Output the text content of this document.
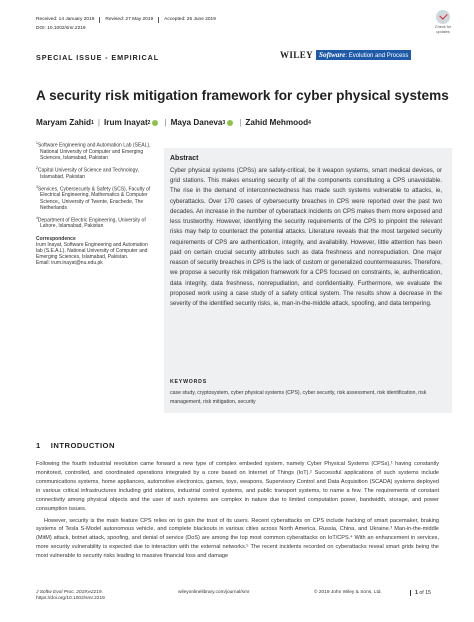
Received: 14 January 2019	Revised: 27 May 2019	Accepted: 25 June 2019
DOI: 10.1002/smr.2219	Check for updates
SPECIAL ISSUE - EMPIRICAL	WILEY Software: Evolution and Process
A security risk mitigation framework for cyber physical systems
Maryam Zahid 1 | Irum Inayat 2 | Maya Daneva 3 | Zahid Mehmood 4
$^1$Software Engineering and Automation Lab (SEAL), National University of Computer and Emerging Sciences, Islamabad, Pakistan
$^2$Capital University of Science and Technology, Islamabad, Pakistan
$^3$Services, Cybersecurity & Safety (SCS), Faculty of Electrical Engineering, Mathematics & Computer Science,, University of Twente, Enschede, The Netherlands
$^4$Department of Electric Engineering, University of Lahore, Islamabad, Pakistan
Correspondence
Irum Inayat, Software Engineering and Automation lab (S.E.A.L), National University of Computer and Emerging Sciences, Islamabad, Pakistan.
Email: irum.inayat@nu.edu.pk
Abstract
Cyber physical systems (CPSs) are safety-critical, be it weapon systems, smart medical devices, or grid stations. This makes ensuring security of all the components constituting a CPS unavoidable. The rise in the demand of interconnectedness has made such systems vulnerable to attacks, ie, cyberattacks. Over 170 cases of cybersecurity breaches in CPS were reported over the past two decades. An increase in the number of cyberattack incidents on CPS makes them more exposed and less trustworthy. However, identifying the security requirements of the CPS to pinpoint the relevant risks may help to counteract the potential attacks. Literature reveals that the most targeted security requirements of CPS are authentication, integrity, and availability. However, little attention has been paid on certain crucial security attributes such as data freshness and nonrepudiation. One major reason of security breaches in CPS is the lack of custom or generalized countermeasures. Therefore, we propose a security risk mitigation framework for a CPS focused on constraints, ie, authentication, data integrity, data freshness, nonrepudiation, and confidentiality. Furthermore, we evaluate the proposed work using a case study of a safety critical system. The results show a decrease in the severity of the identified security risks, ie, man-in-the-middle attack, spoofing, and data tempering.
KEYWORDS
case study, cryptosystem, cyber physical systems (CPS), cyber security, risk assessment, risk identification, risk management, risk mitigation, security
1 INTRODUCTION

Following the fourth industrial revolution came forward a new type of complex embeded system, namely Cyber Physical Systems (CPSs),¹ having constantly monitored, controlled, and coordinated operations integrated by a core based on Internet of Things (IoT).² Successful applications of such systems include communications systems, home appliances, automotive electronics, games, toys, weapons, Supervisory Control and Data Acquisition (SCADA) systems deployed in various critical infrastructures including grid stations, industrial control systems, and public transport systems, to name a few. The requirements of constant connectivity among physical objects and the user of such systems are complex in nature due to limited computation power, bandwidth, storage, and power consumption issues.

However, security is the main feature CPS relies on to gain the trust of its users. Recent cyberattacks on CPS include hacking of smart pacemaker, braking systems of Tesla S-Model autonomous vehicle, and complete blackouts in various cities across North America, Russia, China, and Ukraine.³ Man-in-the-middle (MitM) attack, botnet attack, spoofing, and denial of service (DoS) are among the top most common cyberattacks on IoT/CPS.⁴ With an enhancement in services, more security vulnerability is expected due to interaction with the external networks.⁵ The recent incidents recorded on cyberattacks reveal smart grids being the most vulnerable to security risks leading to massive financial loss and damage

J Softw Evol Proc. 2019;e2219.
https://doi.org/10.1002/smr.2219
wileyonlinelibrary.com/journal/smr	© 2019 John Wiley & Sons, Ltd.	1 of 15
